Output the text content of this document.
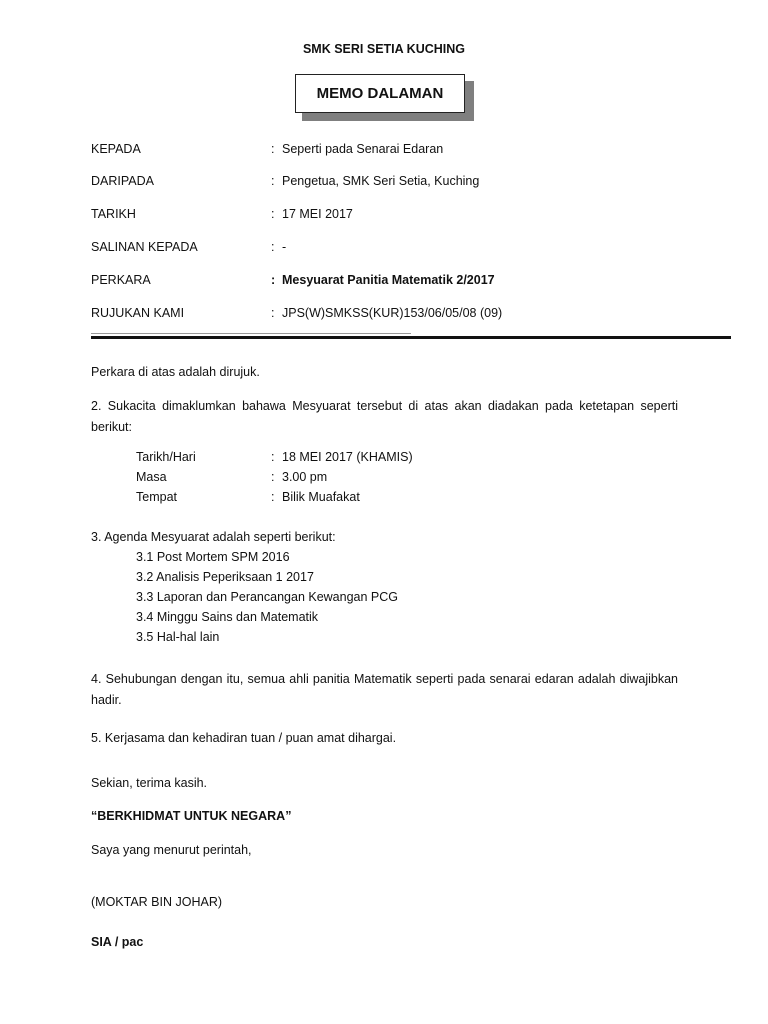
SMK SERI SETIA KUCHING
MEMO DALAMAN
KEPADA	: Seperti pada Senarai Edaran
DARIPADA	: Pengetua, SMK Seri Setia, Kuching
TARIKH	: 17 MEI 2017
SALINAN KEPADA	: -
PERKARA	: Mesyuarat Panitia Matematik 2/2017
RUJUKAN KAMI	: JPS(W)SMKSS(KUR)153/06/05/08 (09)
Perkara di atas adalah dirujuk.
2. Sukacita dimaklumkan bahawa Mesyuarat tersebut di atas akan diadakan pada ketetapan seperti berikut:
Tarikh/Hari	: 18 MEI 2017 (KHAMIS)
Masa	: 3.00 pm
Tempat	: Bilik Muafakat
3. Agenda Mesyuarat adalah seperti berikut:
3.1 Post Mortem SPM 2016
3.2 Analisis Peperiksaan 1 2017
3.3 Laporan dan Perancangan Kewangan PCG
3.4 Minggu Sains dan Matematik
3.5 Hal-hal lain
4. Sehubungan dengan itu, semua ahli panitia Matematik seperti pada senarai edaran adalah diwajibkan hadir.
5. Kerjasama dan kehadiran tuan / puan amat dihargai.
Sekian, terima kasih.
“BERKHIDMAT UNTUK NEGARA”
Saya yang menurut perintah,
(MOKTAR BIN JOHAR)
SIA / pac
